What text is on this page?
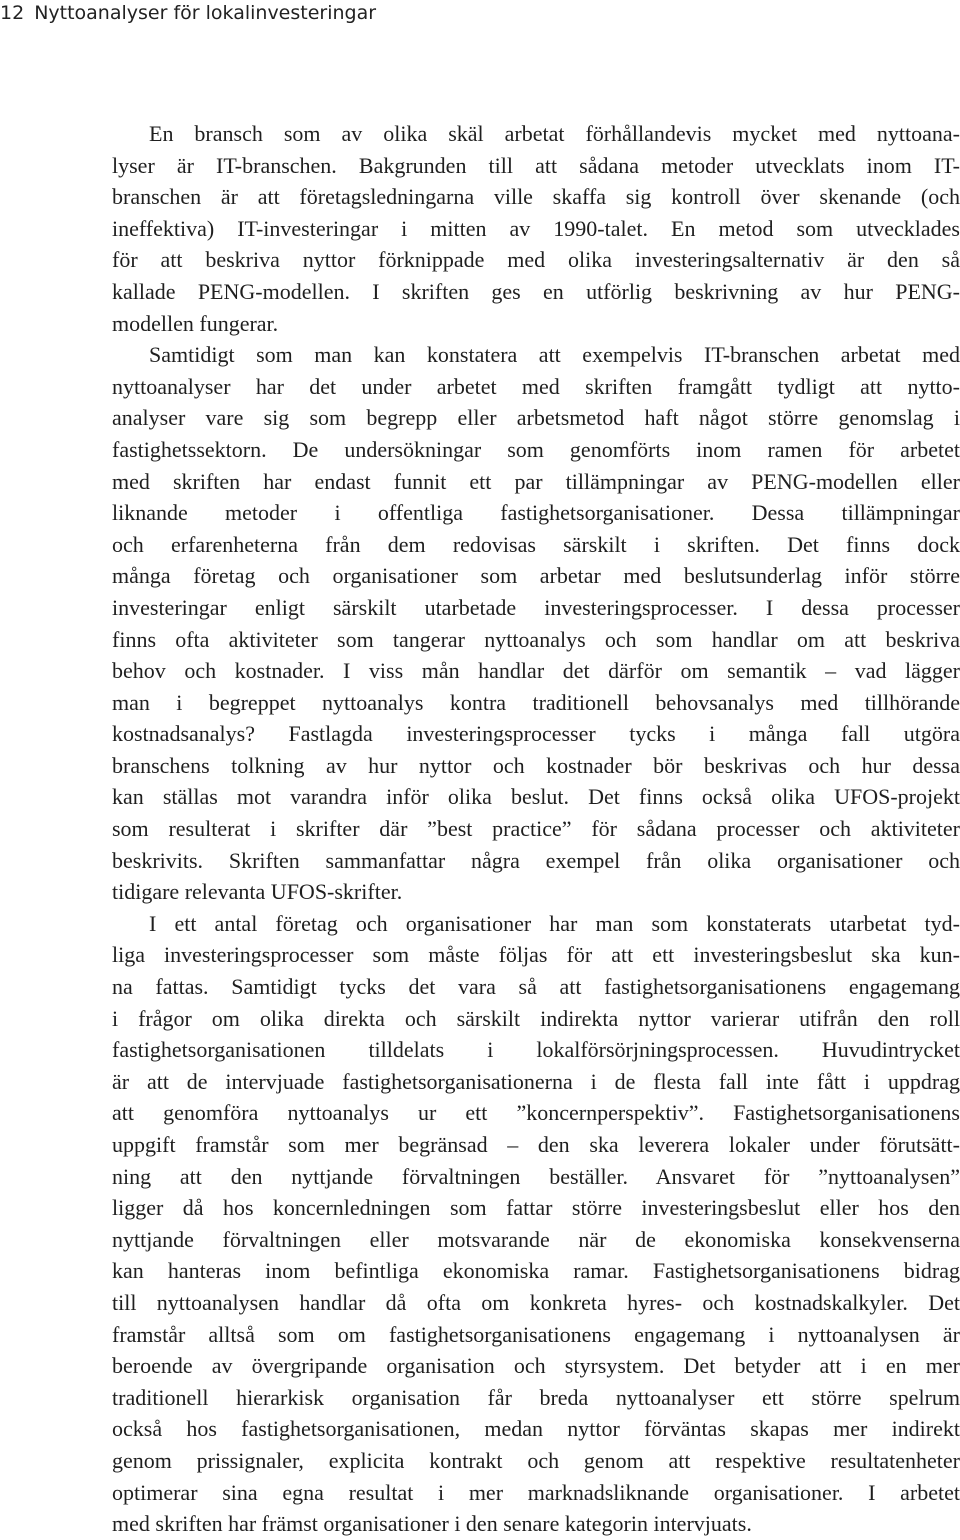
12 Nyttoanalyser för lokalinvesteringar
En bransch som av olika skäl arbetat förhållandevis mycket med nyttoana-
lyser är IT-branschen. Bakgrunden till att sådana metoder utvecklats inom IT-
branschen är att företagsledningarna ville skaffa sig kontroll över skenande (och
ineffektiva) IT-investeringar i mitten av 1990-talet. En metod som utvecklades
för att beskriva nyttor förknippade med olika investeringsalternativ är den så
kallade PENG-modellen. I skriften ges en utförlig beskrivning av hur PENG-
modellen fungerar.
Samtidigt som man kan konstatera att exempelvis IT-branschen arbetat med
nyttoanalyser har det under arbetet med skriften framgått tydligt att nytto-
analyser vare sig som begrepp eller arbetsmetod haft något större genomslag i
fastighetssektorn. De undersökningar som genomförts inom ramen för arbetet
med skriften har endast funnit ett par tillämpningar av PENG-modellen eller
liknande metoder i offentliga fastighetsorganisationer. Dessa tillämpningar
och erfarenheterna från dem redovisas särskilt i skriften. Det finns dock
många företag och organisationer som arbetar med beslutsunderlag inför större
investeringar enligt särskilt utarbetade investeringsprocesser. I dessa processer
finns ofta aktiviteter som tangerar nyttoanalys och som handlar om att beskriva
behov och kostnader. I viss mån handlar det därför om semantik – vad lägger
man i begreppet nyttoanalys kontra traditionell behovsanalys med tillhörande
kostnadsanalys? Fastlagda investeringsprocesser tycks i många fall utgöra
branschens tolkning av hur nyttor och kostnader bör beskrivas och hur dessa
kan ställas mot varandra inför olika beslut. Det finns också olika UFOS-projekt
som resulterat i skrifter där ”best practice” för sådana processer och aktiviteter
beskrivits. Skriften sammanfattar några exempel från olika organisationer och
tidigare relevanta UFOS-skrifter.
I ett antal företag och organisationer har man som konstaterats utarbetat tyd-
liga investeringsprocesser som måste följas för att ett investeringsbeslut ska kun-
na fattas. Samtidigt tycks det vara så att fastighetsorganisationens engagemang
i frågor om olika direkta och särskilt indirekta nyttor varierar utifrån den roll
fastighetsorganisationen tilldelats i lokalförsörjningsprocessen. Huvudintrycket
är att de intervjuade fastighetsorganisationerna i de flesta fall inte fått i uppdrag
att genomföra nyttoanalys ur ett ”koncernperspektiv”. Fastighetsorganisationens
uppgift framstår som mer begränsad – den ska leverera lokaler under förutsätt-
ning att den nyttjande förvaltningen beställer. Ansvaret för ”nyttoanalysen”
ligger då hos koncernledningen som fattar större investeringsbeslut eller hos den
nyttjande förvaltningen eller motsvarande när de ekonomiska konsekvenserna
kan hanteras inom befintliga ekonomiska ramar. Fastighetsorganisationens bidrag
till nyttoanalysen handlar då ofta om konkreta hyres- och kostnadskalkyler. Det
framstår alltså som om fastighetsorganisationens engagemang i nyttoanalysen är
beroende av övergripande organisation och styrsystem. Det betyder att i en mer
traditionell hierarkisk organisation får breda nyttoanalyser ett större spelrum
också hos fastighetsorganisationen, medan nyttor förväntas skapas mer indirekt
genom prissignaler, explicita kontrakt och genom att respektive resultatenheter
optimerar sina egna resultat i mer marknadsliknande organisationer. I arbetet
med skriften har främst organisationer i den senare kategorin intervjuats.
